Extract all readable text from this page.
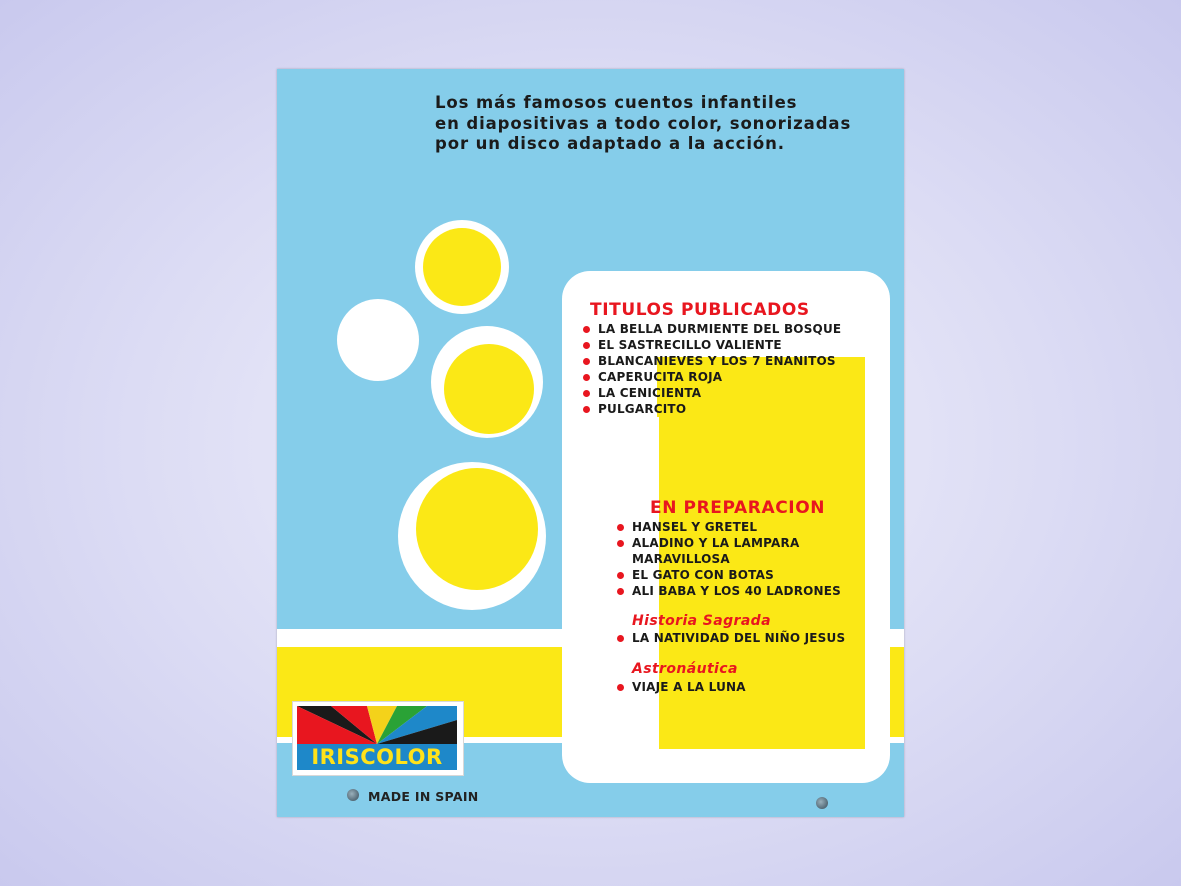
Los más famosos cuentos infantiles
en diapositivas a todo color, sonorizadas
por un disco adaptado a la acción.
TITULOS PUBLICADOS
LA BELLA DURMIENTE DEL BOSQUE
EL SASTRECILLO VALIENTE
BLANCANIEVES Y LOS 7 ENANITOS
CAPERUCITA ROJA
LA CENICIENTA
PULGARCITO
EN PREPARACION
HANSEL Y GRETEL
ALADINO Y LA LAMPARA
MARAVILLOSA
EL GATO CON BOTAS
ALI BABA Y LOS 40 LADRONES
Historia Sagrada
LA NATIVIDAD DEL NIÑO JESUS
Astronáutica
VIAJE A LA LUNA
IRISCOLOR
MADE IN SPAIN
